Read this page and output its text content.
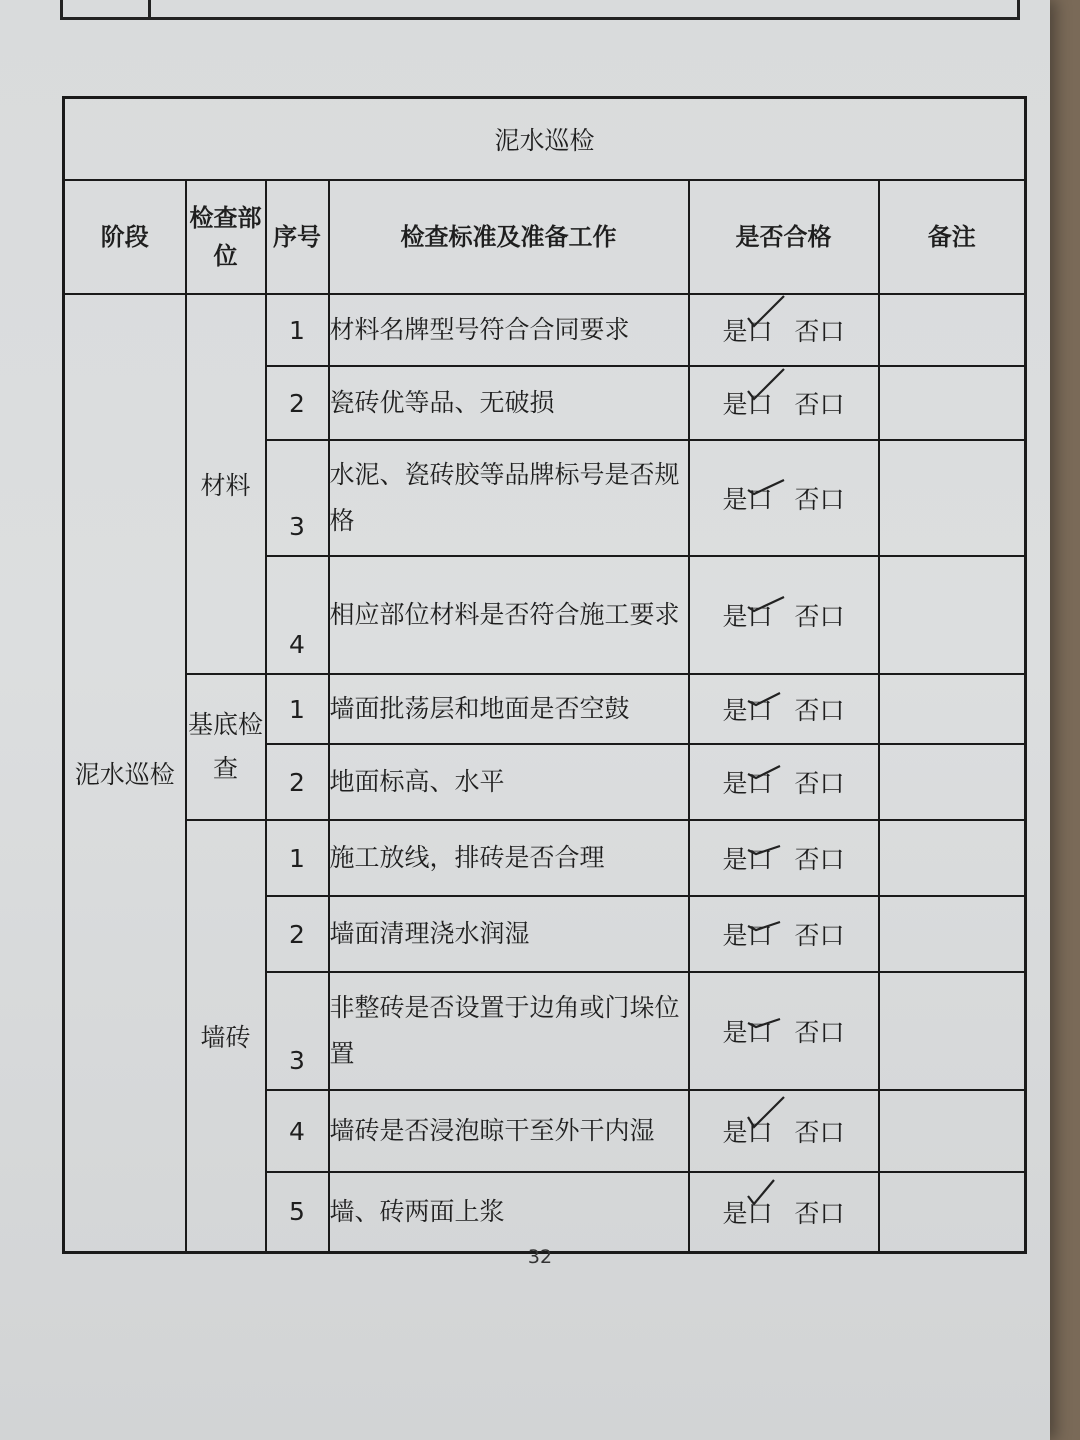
泥水巡检					
阶段	检查部位	序号	检查标准及准备工作	是否合格	备注
泥水巡检	材料	1	材料名牌型号符合合同要求	是口 否口	
		2	瓷砖优等品、无破损	是口 否口	
		3	水泥、瓷砖胶等品牌标号是否规格	是口 否口	
		4	相应部位材料是否符合施工要求	是口 否口	
	基底检查	1	墙面批荡层和地面是否空鼓	是口 否口	
		2	地面标高、水平	是口 否口	
	墙砖	1	施工放线，排砖是否合理	是口 否口	
		2	墙面清理浇水润湿	是口 否口	
		3	非整砖是否设置于边角或门垛位置	是口 否口	
		4	墙砖是否浸泡晾干至外干内湿	是口 否口	
		5	墙、砖两面上浆	是口 否口	
32
